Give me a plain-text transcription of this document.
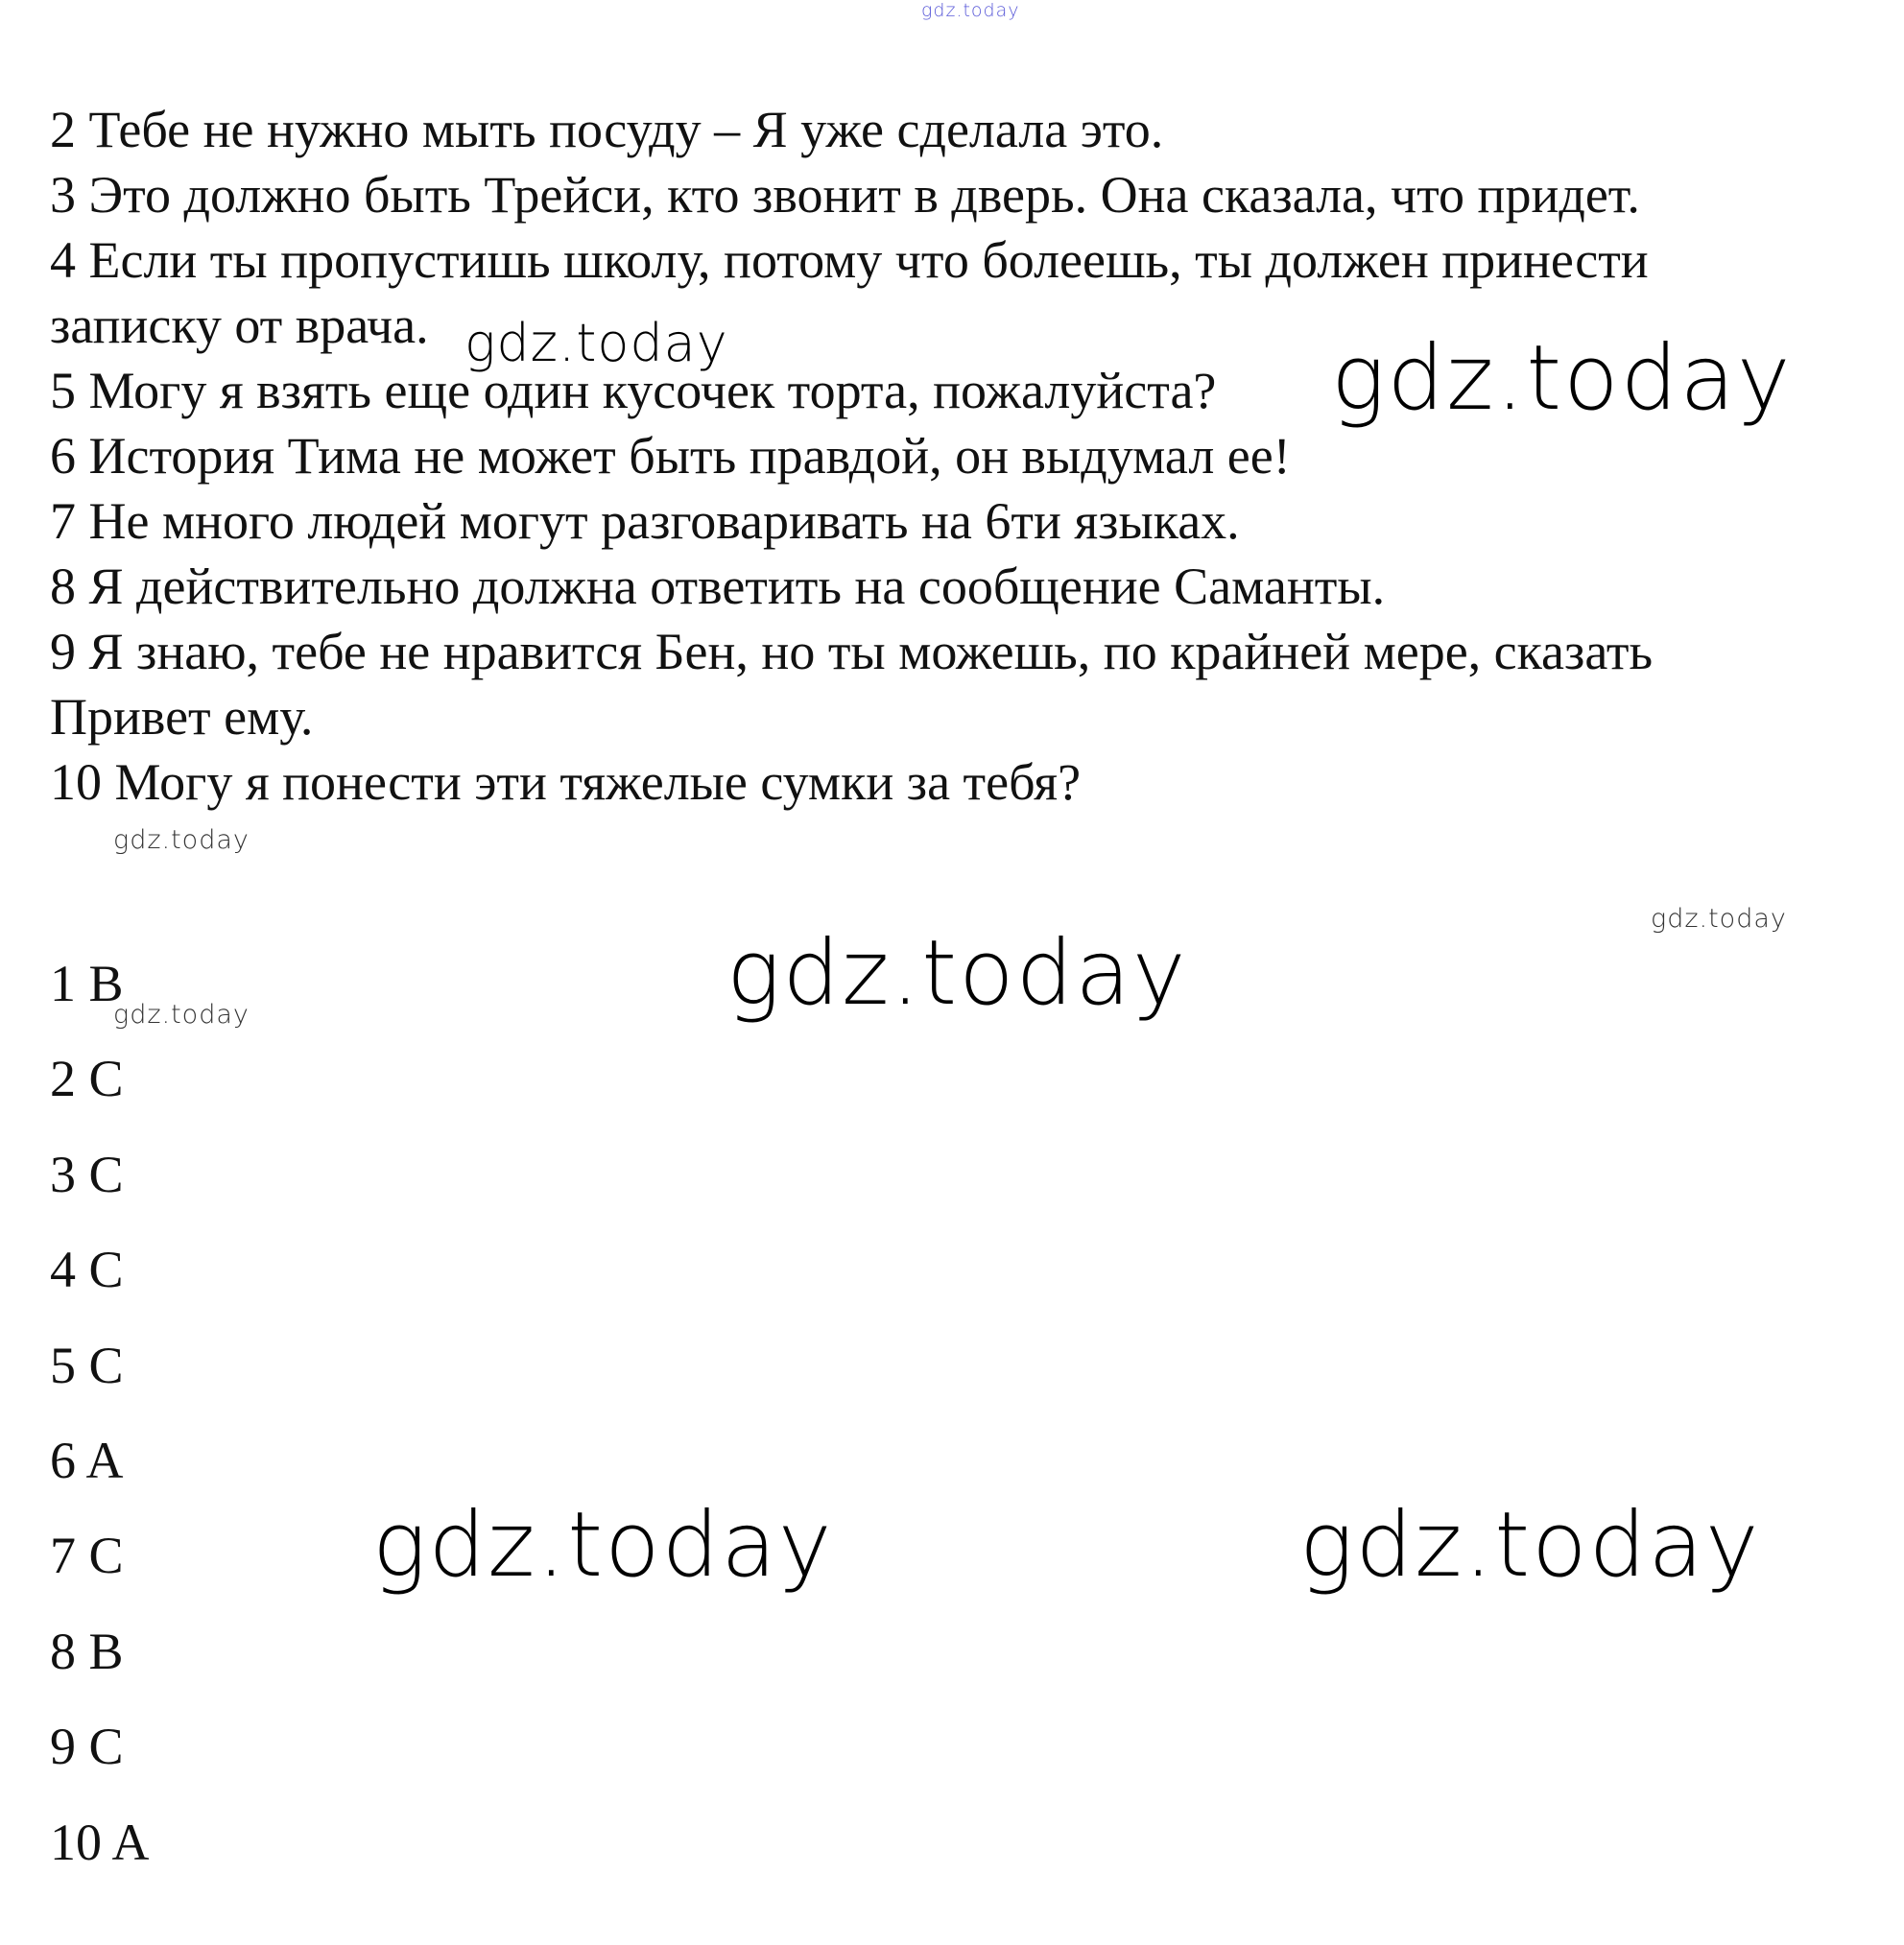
2 Тебе не нужно мыть посуду – Я уже сделала это.
3 Это должно быть Трейси, кто звонит в дверь. Она сказала, что придет.
4 Если ты пропустишь школу, потому что болеешь, ты должен принести
записку от врача.
5 Могу я взять еще один кусочек торта, пожалуйста?
6 История Тима не может быть правдой, он выдумал ее!
7 Не много людей могут разговаривать на 6ти языках.
8 Я действительно должна ответить на сообщение Саманты.
9 Я знаю, тебе не нравится Бен, но ты можешь, по крайней мере, сказать
Привет ему.
10 Могу я понести эти тяжелые сумки за тебя?
1 B
2 C
3 C
4 C
5 C
6 A
7 C
8 B
9 C
10 A
gdz.today
gdz.today	gdz.today
gdz.today
gdz.today
gdz.today
gdz.today
gdz.today	gdz.today
